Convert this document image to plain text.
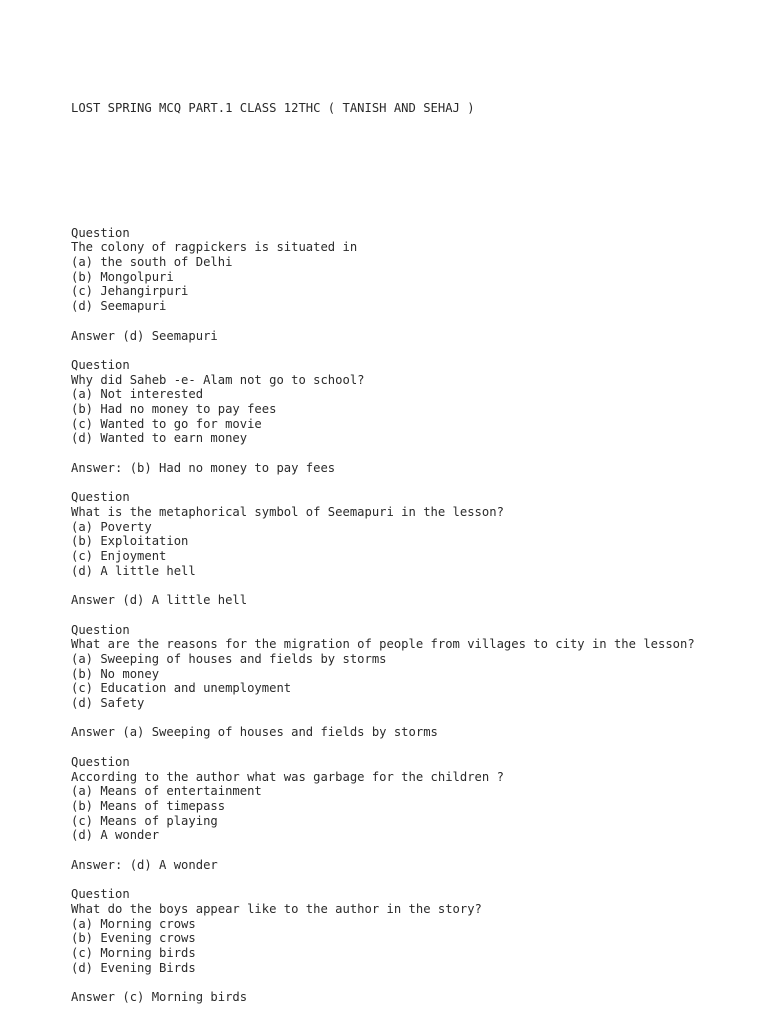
LOST SPRING MCQ PART.1 CLASS 12THC ( TANISH AND SEHAJ )

Question
The colony of ragpickers is situated in
(a) the south of Delhi
(b) Mongolpuri
(c) Jehangirpuri
(d) Seemapuri
Answer (d) Seemapuri
Question
Why did Saheb -e- Alam not go to school?
(a) Not interested
(b) Had no money to pay fees
(c) Wanted to go for movie
(d) Wanted to earn money
Answer: (b) Had no money to pay fees
Question
What is the metaphorical symbol of Seemapuri in the lesson?
(a) Poverty
(b) Exploitation
(c) Enjoyment
(d) A little hell
Answer (d) A little hell
Question
What are the reasons for the migration of people from villages to city in the lesson?
(a) Sweeping of houses and fields by storms
(b) No money
(c) Education and unemployment
(d) Safety
Answer (a) Sweeping of houses and fields by storms
Question
According to the author what was garbage for the children ?
(a) Means of entertainment
(b) Means of timepass
(c) Means of playing
(d) A wonder
Answer: (d) A wonder
Question
What do the boys appear like to the author in the story?
(a) Morning crows
(b) Evening crows
(c) Morning birds
(d) Evening Birds
Answer (c) Morning birds
